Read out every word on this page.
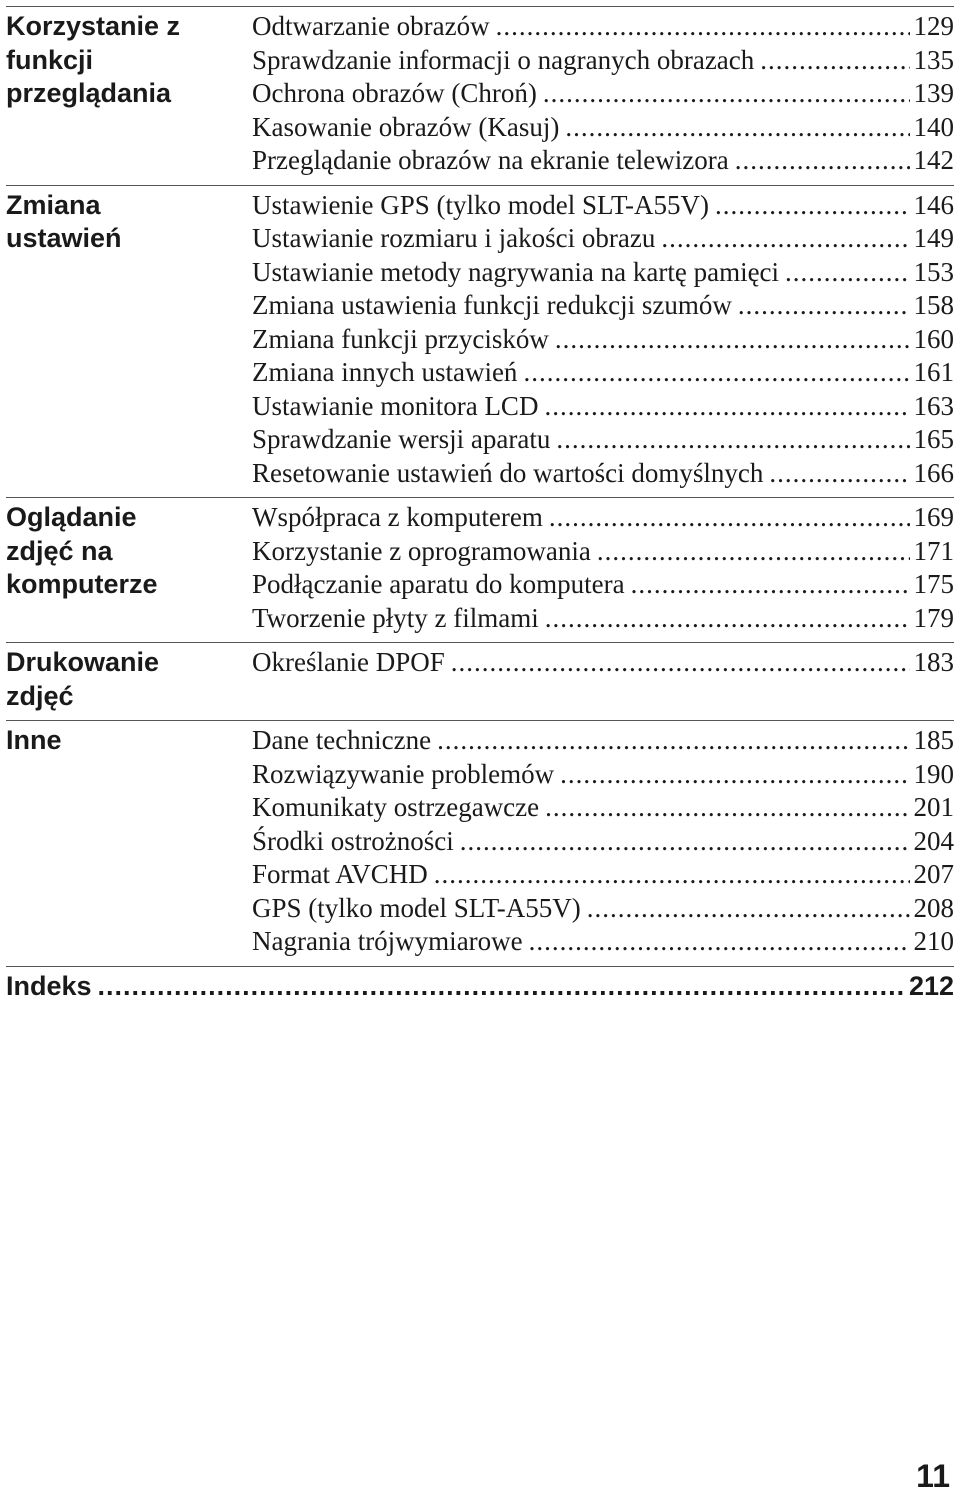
Korzystanie z
funkcji
przeglądania
Odtwarzanie obrazów .....	129
Sprawdzanie informacji o nagranych obrazach .....	135
Ochrona obrazów (Chroń) .....	139
Kasowanie obrazów (Kasuj) .....	140
Przeglądanie obrazów na ekranie telewizora .....	142
Zmiana
ustawień
Ustawienie GPS (tylko model SLT-A55V) .....	146
Ustawianie rozmiaru i jakości obrazu .....	149
Ustawianie metody nagrywania na kartę pamięci .....	153
Zmiana ustawienia funkcji redukcji szumów .....	158
Zmiana funkcji przycisków .....	160
Zmiana innych ustawień .....	161
Ustawianie monitora LCD .....	163
Sprawdzanie wersji aparatu .....	165
Resetowanie ustawień do wartości domyślnych .....	166
Oglądanie
zdjęć na
komputerze
Współpraca z komputerem .....	169
Korzystanie z oprogramowania .....	171
Podłączanie aparatu do komputera .....	175
Tworzenie płyty z filmami .....	179
Drukowanie
zdjęć
Określanie DPOF .....	183
Inne	Dane techniczne .....	185
Rozwiązywanie problemów .....	190
Komunikaty ostrzegawcze .....	201
Środki ostrożności .....	204
Format AVCHD .....	207
GPS (tylko model SLT-A55V) .....	208
Nagrania trójwymiarowe .....	210
Indeks .....	212
11
